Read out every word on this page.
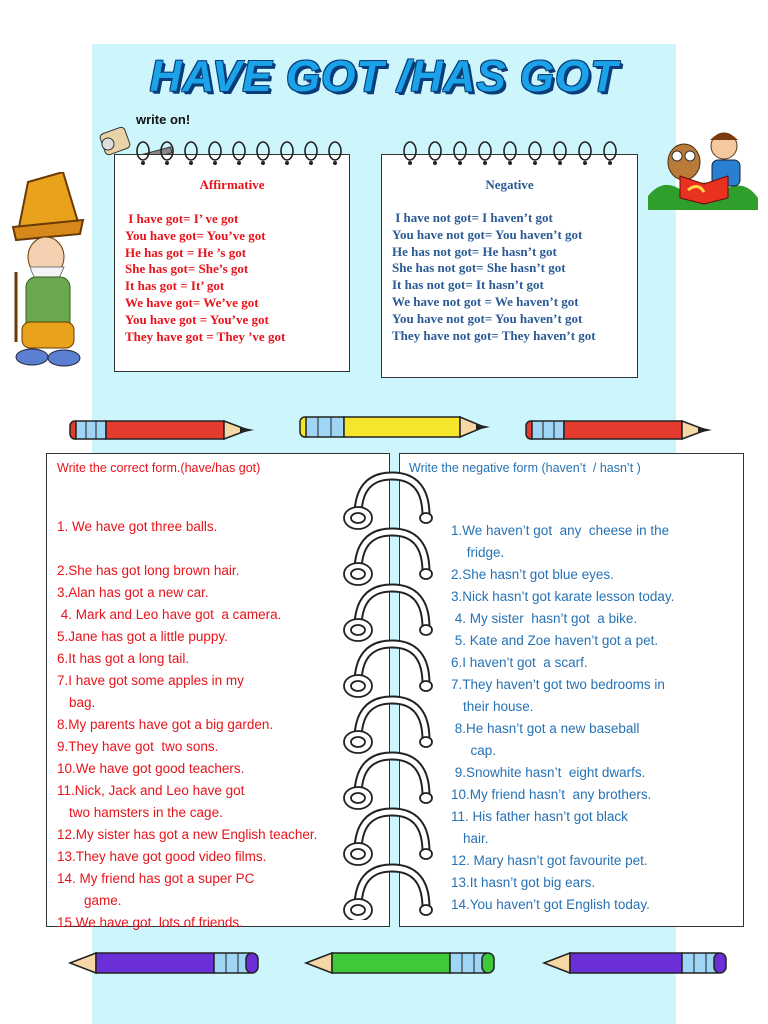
HAVE GOT /HAS GOT
write on!
Affirmative
I have got= I’ ve got
You have got= You’ve got
He has got = He ’s got
She has got= She’s got
It has got = It’ got
We have got= We’ve got
You have got = You’ve got
They have got = They ’ve got
Negative
I have not got= I haven’t got
You have not got= You haven’t got
He has not got= He hasn’t got
She has not got= She hasn’t got
It has not got= It hasn’t got
We have not got = We haven’t got
You have not got= You haven’t got
They have not got= They haven’t got
Write the correct form.(have/has got)
1. We have got three balls.

2.She has got long brown hair.
3.Alan has got a new car.
4. Mark and Leo have got  a camera.
5.Jane has got a little puppy.
6.It has got a long tail.
7.I have got some apples in my
bag.
8.My parents have got a big garden.
9.They have got  two sons.
10.We have got good teachers.
11.Nick, Jack and Leo have got
two hamsters in the cage.
12.My sister has got a new English teacher.
13.They have got good video films.
14. My friend has got a super PC
game.
15.We have got  lots of friends.
Write the negative form (haven’t  / hasn’t )
1.We haven’t got  any  cheese in the
fridge.
2.She hasn’t got blue eyes.
3.Nick hasn’t got karate lesson today.
4. My sister  hasn’t got  a bike.
5. Kate and Zoe haven’t got a pet.
6.I haven’t got  a scarf.
7.They haven’t got two bedrooms in
their house.
8.He hasn’t got a new baseball
cap.
9.Snowhite hasn’t  eight dwarfs.
10.My friend hasn’t  any brothers.
11. His father hasn’t got black
hair.
12. Mary hasn’t got favourite pet.
13.It hasn’t got big ears.
14.You haven’t got English today.
